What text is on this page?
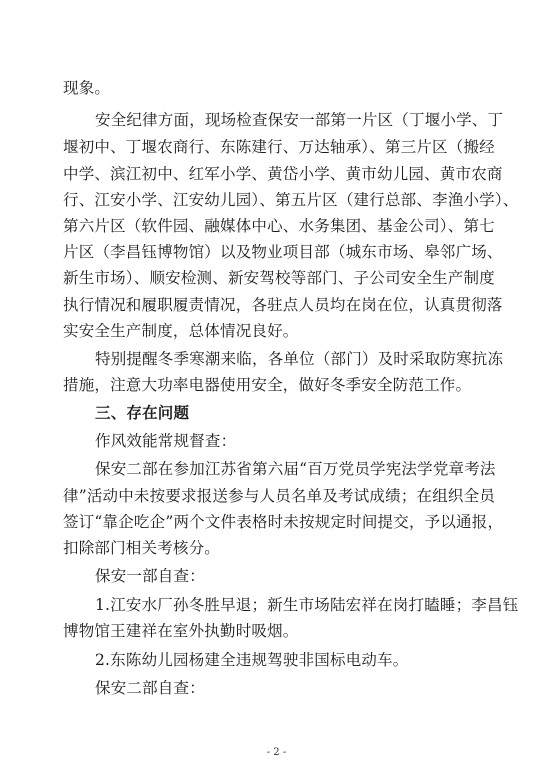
现象。
安全纪律方面，现场检查保安一部第一片区（丁堰小学、丁
堰初中、丁堰农商行、东陈建行、万达轴承）、第三片区（搬经
中学、滨江初中、红军小学、黄岱小学、黄市幼儿园、黄市农商
行、江安小学、江安幼儿园）、第五片区（建行总部、李渔小学）、
第六片区（软件园、融媒体中心、水务集团、基金公司）、第七
片区（李昌钰博物馆）以及物业项目部（城东市场、皋邻广场、
新生市场）、顺安检测、新安驾校等部门、子公司安全生产制度
执行情况和履职履责情况，各驻点人员均在岗在位，认真贯彻落
实安全生产制度，总体情况良好。
特别提醒冬季寒潮来临，各单位（部门）及时采取防寒抗冻
措施，注意大功率电器使用安全，做好冬季安全防范工作。
三、存在问题
作风效能常规督查：
保安二部在参加江苏省第六届“百万党员学宪法学党章考法
律”活动中未按要求报送参与人员名单及考试成绩；在组织全员
签订“靠企吃企”两个文件表格时未按规定时间提交，予以通报，
扣除部门相关考核分。
保安一部自查：
1.江安水厂孙冬胜早退；新生市场陆宏祥在岗打瞌睡；李昌钰
博物馆王建祥在室外执勤时吸烟。
2.东陈幼儿园杨建全违规驾驶非国标电动车。
保安二部自查：
- 2 -
